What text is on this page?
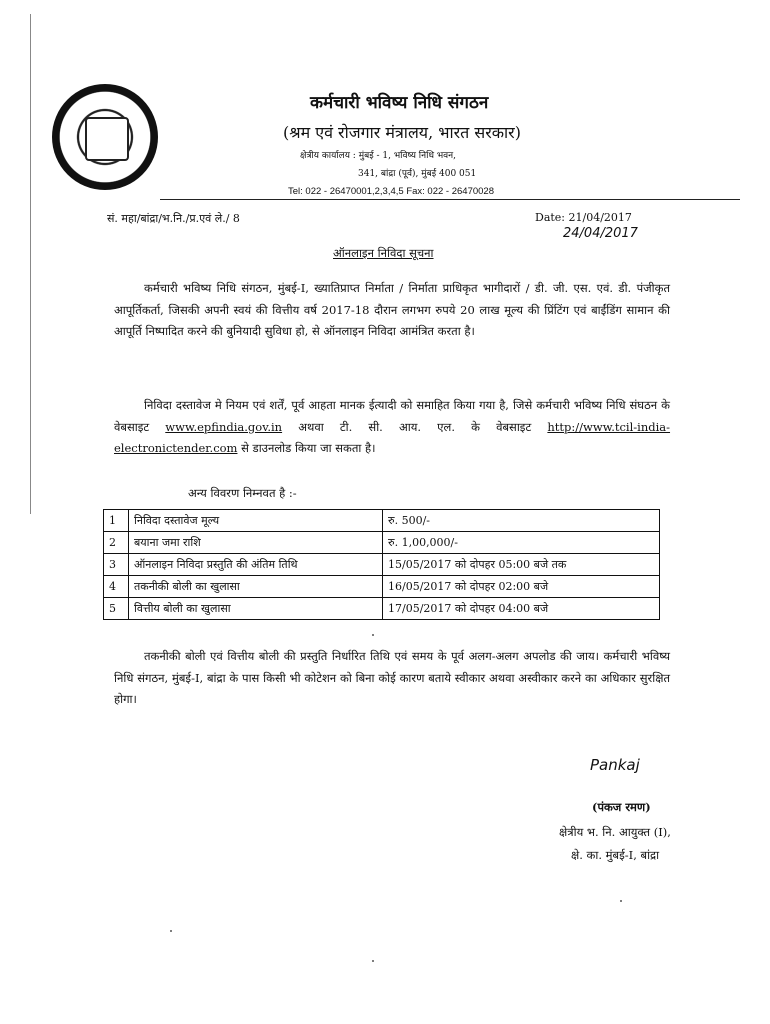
कर्मचारी भविष्य निधि संगठन
(श्रम एवं रोजगार मंत्रालय, भारत सरकार)
क्षेत्रीय कार्यालय : मुंबई - 1, भविष्य निधि भवन,
341, बांद्रा (पूर्व), मुंबई 400 051
Tel: 022 - 26470001,2,3,4,5 Fax: 022 - 26470028
सं. महा/बांद्रा/भ.नि./प्र.एवं ले./ 8	Date: 21/04/2017
24/04/2017
ऑनलाइन निविदा सूचना
कर्मचारी भविष्य निधि संगठन, मुंबई-I, ख्यातिप्राप्त निर्माता / निर्माता प्राधिकृत भागीदारों / डी. जी. एस. एवं. डी. पंजीकृत आपूर्तिकर्ता, जिसकी अपनी स्वयं की वित्तीय वर्ष 2017-18 दौरान लगभग रुपये 20 लाख मूल्य की प्रिंटिंग एवं बाईंडिंग सामान की आपूर्ति निष्पादित करने की बुनियादी सुविधा हो, से ऑनलाइन निविदा आमंत्रित करता है।
निविदा दस्तावेज मे नियम एवं शर्तें, पूर्व आहता मानक ईत्यादी को समाहित किया गया है, जिसे कर्मचारी भविष्य निधि संघठन के वेबसाइट www.epfindia.gov.in अथवा टी. सी. आय. एल. के वेबसाइट http://www.tcil-india-electronictender.com से डाउनलोड किया जा सकता है।
अन्य विवरण निम्नवत है :-
1	निविदा दस्तावेज मूल्य	रु. 500/-
2	बयाना जमा राशि	रु. 1,00,000/-
3	ऑनलाइन निविदा प्रस्तुति की अंतिम तिथि	15/05/2017 को दोपहर 05:00 बजे तक
4	तकनीकी बोली का खुलासा	16/05/2017 को दोपहर 02:00 बजे
5	वित्तीय बोली का खुलासा	17/05/2017 को दोपहर 04:00 बजे
तकनीकी बोली एवं वित्तीय बोली की प्रस्तुति निर्धारित तिथि एवं समय के पूर्व अलग-अलग अपलोड की जाय। कर्मचारी भविष्य निधि संगठन, मुंबई-I, बांद्रा के पास किसी भी कोटेशन को बिना कोई कारण बताये स्वीकार अथवा अस्वीकार करने का अधिकार सुरक्षित होगा।
Pankaj
(पंकज रमण)
क्षेत्रीय भ. नि. आयुक्त (I),
क्षे. का. मुंबई-I, बांद्रा
